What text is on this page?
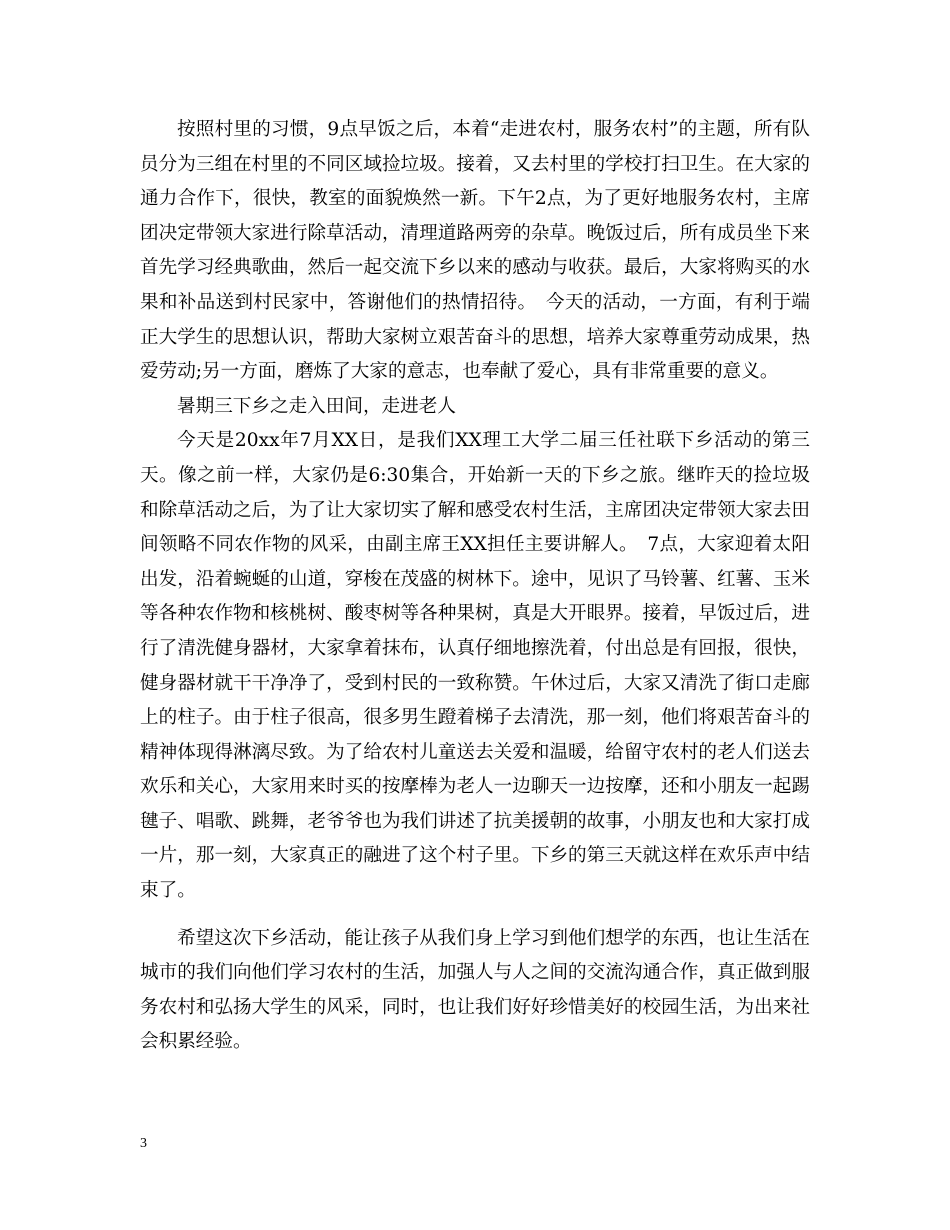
按照村里的习惯，9点早饭之后，本着“走进农村，服务农村”的主题，所有队员分为三组在村里的不同区域捡垃圾。接着，又去村里的学校打扫卫生。在大家的通力合作下，很快，教室的面貌焕然一新。下午2点，为了更好地服务农村，主席团决定带领大家进行除草活动，清理道路两旁的杂草。晚饭过后，所有成员坐下来首先学习经典歌曲，然后一起交流下乡以来的感动与收获。最后，大家将购买的水果和补品送到村民家中，答谢他们的热情招待。　今天的活动，一方面，有利于端正大学生的思想认识，帮助大家树立艰苦奋斗的思想，培养大家尊重劳动成果，热爱劳动;另一方面，磨炼了大家的意志，也奉献了爱心，具有非常重要的意义。

暑期三下乡之走入田间，走进老人

今天是20xx年7月XX日，是我们XX理工大学二届三任社联下乡活动的第三天。像之前一样，大家仍是6:30集合，开始新一天的下乡之旅。继昨天的捡垃圾和除草活动之后，为了让大家切实了解和感受农村生活，主席团决定带领大家去田间领略不同农作物的风采，由副主席王XX担任主要讲解人。　7点，大家迎着太阳出发，沿着蜿蜒的山道，穿梭在茂盛的树林下。途中，见识了马铃薯、红薯、玉米等各种农作物和核桃树、酸枣树等各种果树，真是大开眼界。接着，早饭过后，进行了清洗健身器材，大家拿着抹布，认真仔细地擦洗着，付出总是有回报，很快，健身器材就干干净净了，受到村民的一致称赞。午休过后，大家又清洗了街口走廊上的柱子。由于柱子很高，很多男生蹬着梯子去清洗，那一刻，他们将艰苦奋斗的精神体现得淋漓尽致。为了给农村儿童送去关爱和温暖，给留守农村的老人们送去欢乐和关心，大家用来时买的按摩棒为老人一边聊天一边按摩，还和小朋友一起踢毽子、唱歌、跳舞，老爷爷也为我们讲述了抗美援朝的故事，小朋友也和大家打成一片，那一刻，大家真正的融进了这个村子里。下乡的第三天就这样在欢乐声中结束了。

希望这次下乡活动，能让孩子从我们身上学习到他们想学的东西，也让生活在城市的我们向他们学习农村的生活，加强人与人之间的交流沟通合作，真正做到服务农村和弘扬大学生的风采，同时，也让我们好好珍惜美好的校园生活，为出来社会积累经验。

3
